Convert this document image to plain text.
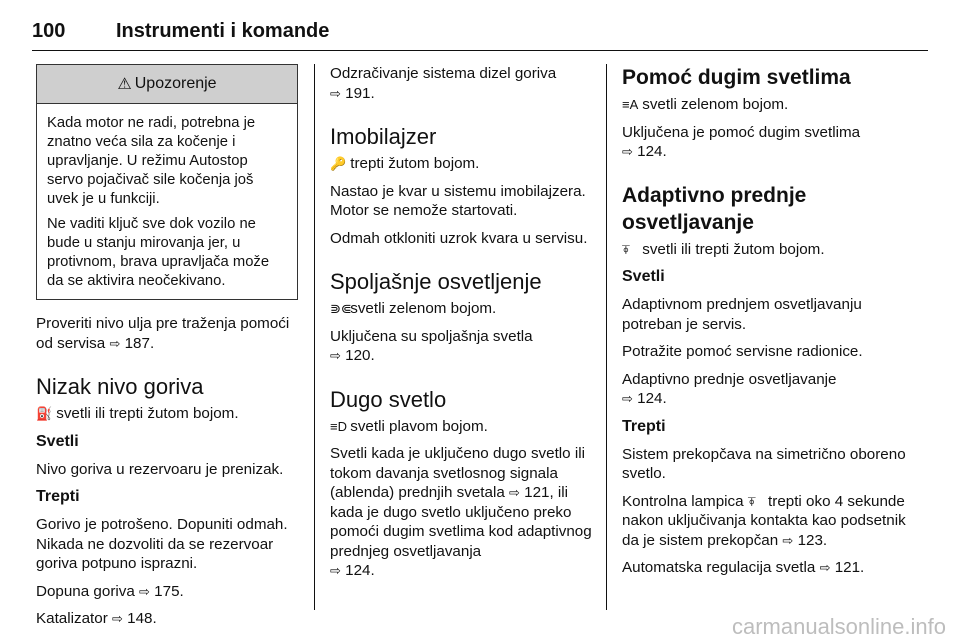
100	Instrumenti i komande
⚠ Upozorenje

Kada motor ne radi, potrebna je znatno veća sila za kočenje i upravljanje. U režimu Autostop servo pojačivač sile kočenja još uvek je u funkciji.

Ne vaditi ključ sve dok vozilo ne bude u stanju mirovanja jer, u protivnom, brava upravljača može da se aktivira neočekivano.

Proveriti nivo ulja pre traženja pomoći od servisa ⇨ 187.

Nizak nivo goriva

⛽ svetli ili trepti žutom bojom.

Svetli

Nivo goriva u rezervoaru je prenizak.

Trepti

Gorivo je potrošeno. Dopuniti odmah. Nikada ne dozvoliti da se rezervoar goriva potpuno isprazni.

Dopuna goriva ⇨ 175.

Katalizator ⇨ 148.

Odzračivanje sistema dizel goriva
⇨ 191.

Imobilajzer

🔑 trepti žutom bojom.

Nastao je kvar u sistemu imobilajzera. Motor se nemože startovati.

Odmah otkloniti uzrok kvara u servisu.

Spoljašnje osvetljenje

⋑⋐ svetli zelenom bojom.

Uključena su spoljašnja svetla
⇨ 120.

Dugo svetlo

≡D svetli plavom bojom.

Svetli kada je uključeno dugo svetlo ili tokom davanja svetlosnog signala (ablenda) prednjih svetala ⇨ 121, ili kada je dugo svetlo uključeno preko pomoći dugim svetlima kod adaptivnog prednjeg osvetljavanja
⇨ 124.

Pomoć dugim svetlima

≡A svetli zelenom bojom.

Uključena je pomoć dugim svetlima
⇨ 124.

Adaptivno prednje osvetljavanje

⍕ svetli ili trepti žutom bojom.

Svetli

Adaptivnom prednjem osvetljavanju potreban je servis.

Potražite pomoć servisne radionice.

Adaptivno prednje osvetljavanje
⇨ 124.

Trepti

Sistem prekopčava na simetrično oboreno svetlo.

Kontrolna lampica ⍕ trepti oko 4 sekunde nakon uključivanja kontakta kao podsetnik da je sistem prekopčan ⇨ 123.

Automatska regulacija svetla ⇨ 121.

carmanualsonline.info
